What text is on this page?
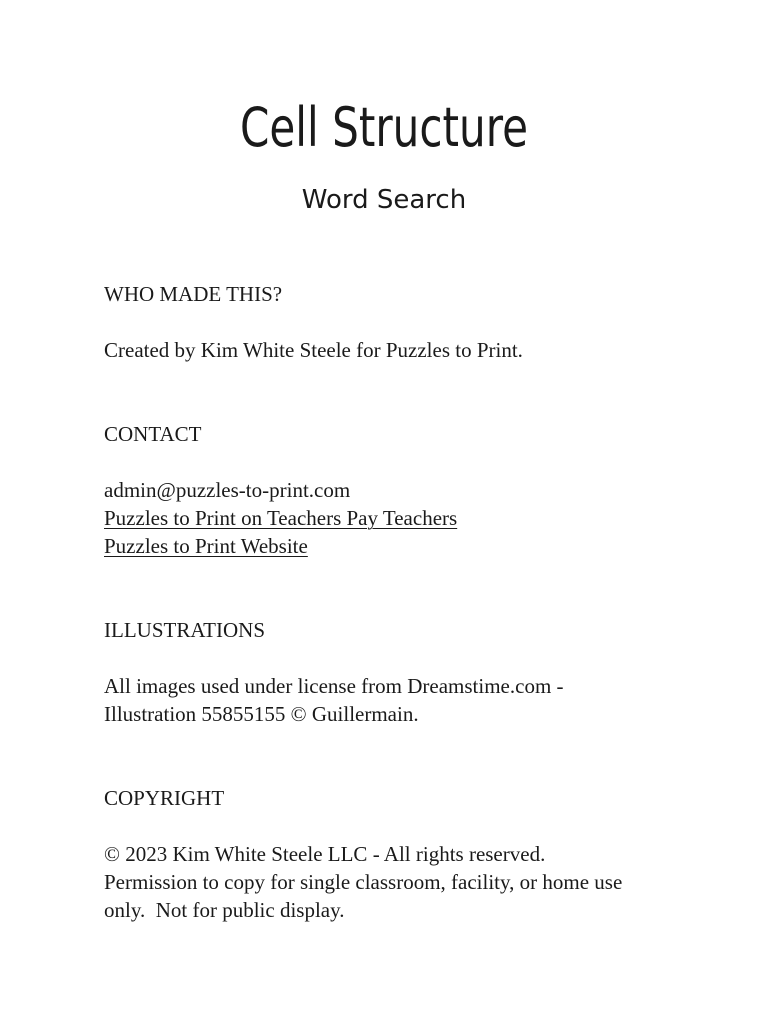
Cell Structure
Word Search

WHO MADE THIS?

Created by Kim White Steele for Puzzles to Print.

CONTACT

admin@puzzles-to-print.com

Puzzles to Print on Teachers Pay Teachers

Puzzles to Print Website

ILLUSTRATIONS

All images used under license from Dreamstime.com -

Illustration 55855155 © Guillermain.

COPYRIGHT

© 2023 Kim White Steele LLC - All rights reserved.

Permission to copy for single classroom, facility, or home use

only.  Not for public display.
